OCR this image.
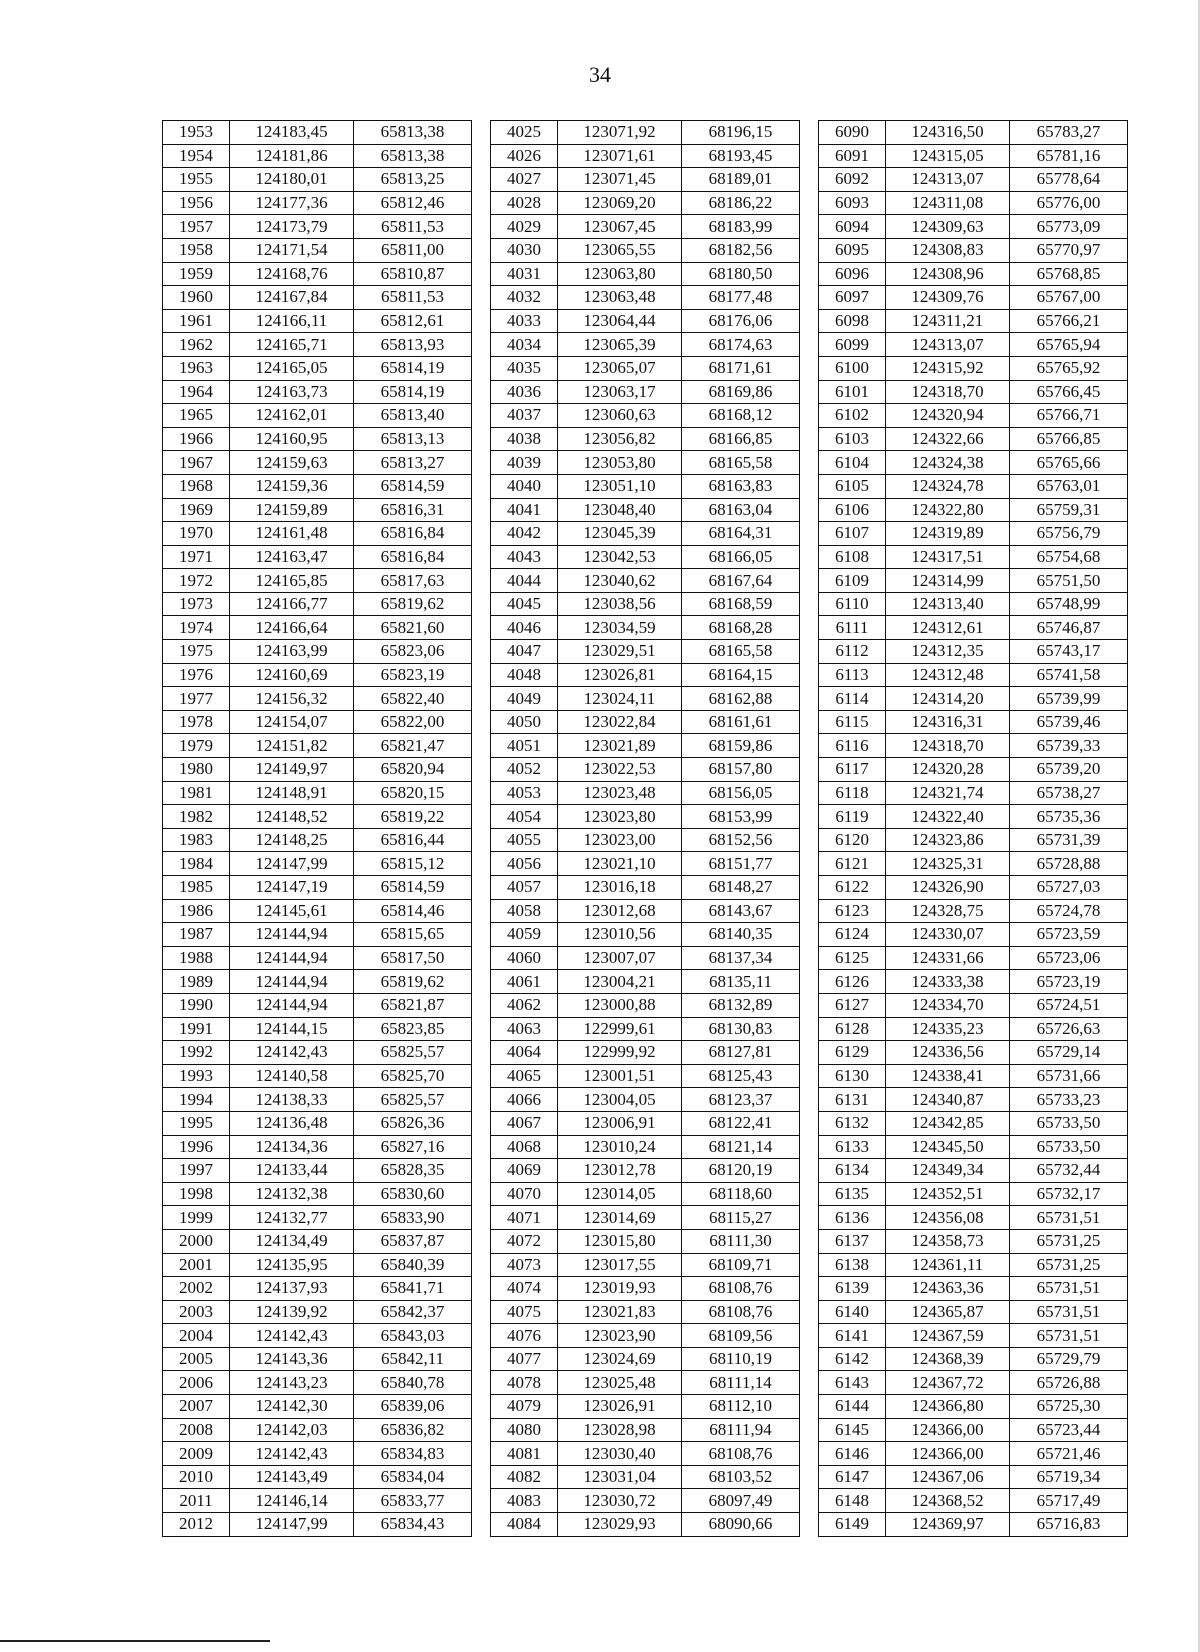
34
1953	124183,45	65813,38		4025	123071,92	68196,15		6090	124316,50	65783,27
1954	124181,86	65813,38		4026	123071,61	68193,45		6091	124315,05	65781,16
1955	124180,01	65813,25		4027	123071,45	68189,01		6092	124313,07	65778,64
1956	124177,36	65812,46		4028	123069,20	68186,22		6093	124311,08	65776,00
1957	124173,79	65811,53		4029	123067,45	68183,99		6094	124309,63	65773,09
1958	124171,54	65811,00		4030	123065,55	68182,56		6095	124308,83	65770,97
1959	124168,76	65810,87		4031	123063,80	68180,50		6096	124308,96	65768,85
1960	124167,84	65811,53		4032	123063,48	68177,48		6097	124309,76	65767,00
1961	124166,11	65812,61		4033	123064,44	68176,06		6098	124311,21	65766,21
1962	124165,71	65813,93		4034	123065,39	68174,63		6099	124313,07	65765,94
1963	124165,05	65814,19		4035	123065,07	68171,61		6100	124315,92	65765,92
1964	124163,73	65814,19		4036	123063,17	68169,86		6101	124318,70	65766,45
1965	124162,01	65813,40		4037	123060,63	68168,12		6102	124320,94	65766,71
1966	124160,95	65813,13		4038	123056,82	68166,85		6103	124322,66	65766,85
1967	124159,63	65813,27		4039	123053,80	68165,58		6104	124324,38	65765,66
1968	124159,36	65814,59		4040	123051,10	68163,83		6105	124324,78	65763,01
1969	124159,89	65816,31		4041	123048,40	68163,04		6106	124322,80	65759,31
1970	124161,48	65816,84		4042	123045,39	68164,31		6107	124319,89	65756,79
1971	124163,47	65816,84		4043	123042,53	68166,05		6108	124317,51	65754,68
1972	124165,85	65817,63		4044	123040,62	68167,64		6109	124314,99	65751,50
1973	124166,77	65819,62		4045	123038,56	68168,59		6110	124313,40	65748,99
1974	124166,64	65821,60		4046	123034,59	68168,28		6111	124312,61	65746,87
1975	124163,99	65823,06		4047	123029,51	68165,58		6112	124312,35	65743,17
1976	124160,69	65823,19		4048	123026,81	68164,15		6113	124312,48	65741,58
1977	124156,32	65822,40		4049	123024,11	68162,88		6114	124314,20	65739,99
1978	124154,07	65822,00		4050	123022,84	68161,61		6115	124316,31	65739,46
1979	124151,82	65821,47		4051	123021,89	68159,86		6116	124318,70	65739,33
1980	124149,97	65820,94		4052	123022,53	68157,80		6117	124320,28	65739,20
1981	124148,91	65820,15		4053	123023,48	68156,05		6118	124321,74	65738,27
1982	124148,52	65819,22		4054	123023,80	68153,99		6119	124322,40	65735,36
1983	124148,25	65816,44		4055	123023,00	68152,56		6120	124323,86	65731,39
1984	124147,99	65815,12		4056	123021,10	68151,77		6121	124325,31	65728,88
1985	124147,19	65814,59		4057	123016,18	68148,27		6122	124326,90	65727,03
1986	124145,61	65814,46		4058	123012,68	68143,67		6123	124328,75	65724,78
1987	124144,94	65815,65		4059	123010,56	68140,35		6124	124330,07	65723,59
1988	124144,94	65817,50		4060	123007,07	68137,34		6125	124331,66	65723,06
1989	124144,94	65819,62		4061	123004,21	68135,11		6126	124333,38	65723,19
1990	124144,94	65821,87		4062	123000,88	68132,89		6127	124334,70	65724,51
1991	124144,15	65823,85		4063	122999,61	68130,83		6128	124335,23	65726,63
1992	124142,43	65825,57		4064	122999,92	68127,81		6129	124336,56	65729,14
1993	124140,58	65825,70		4065	123001,51	68125,43		6130	124338,41	65731,66
1994	124138,33	65825,57		4066	123004,05	68123,37		6131	124340,87	65733,23
1995	124136,48	65826,36		4067	123006,91	68122,41		6132	124342,85	65733,50
1996	124134,36	65827,16		4068	123010,24	68121,14		6133	124345,50	65733,50
1997	124133,44	65828,35		4069	123012,78	68120,19		6134	124349,34	65732,44
1998	124132,38	65830,60		4070	123014,05	68118,60		6135	124352,51	65732,17
1999	124132,77	65833,90		4071	123014,69	68115,27		6136	124356,08	65731,51
2000	124134,49	65837,87		4072	123015,80	68111,30		6137	124358,73	65731,25
2001	124135,95	65840,39		4073	123017,55	68109,71		6138	124361,11	65731,25
2002	124137,93	65841,71		4074	123019,93	68108,76		6139	124363,36	65731,51
2003	124139,92	65842,37		4075	123021,83	68108,76		6140	124365,87	65731,51
2004	124142,43	65843,03		4076	123023,90	68109,56		6141	124367,59	65731,51
2005	124143,36	65842,11		4077	123024,69	68110,19		6142	124368,39	65729,79
2006	124143,23	65840,78		4078	123025,48	68111,14		6143	124367,72	65726,88
2007	124142,30	65839,06		4079	123026,91	68112,10		6144	124366,80	65725,30
2008	124142,03	65836,82		4080	123028,98	68111,94		6145	124366,00	65723,44
2009	124142,43	65834,83		4081	123030,40	68108,76		6146	124366,00	65721,46
2010	124143,49	65834,04		4082	123031,04	68103,52		6147	124367,06	65719,34
2011	124146,14	65833,77		4083	123030,72	68097,49		6148	124368,52	65717,49
2012	124147,99	65834,43		4084	123029,93	68090,66		6149	124369,97	65716,83
